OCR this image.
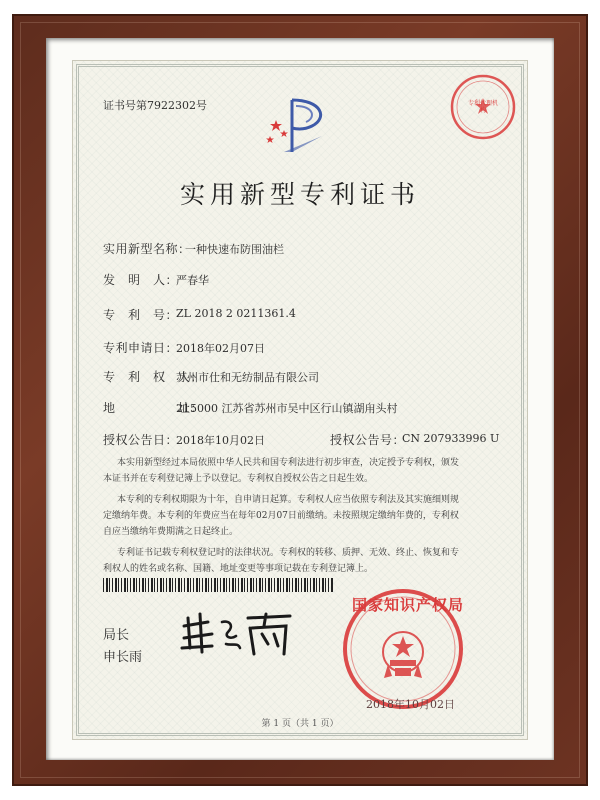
证书号第7922302号	专利代理机构
实用新型专利证书
实用新型名称：
一种快速布防围油栏
发　明　人：
严春华
专　利　号：
ZL 2018 2 0211361.4
专利申请日：
2018年02月07日
专　利　权　人：
苏州市仕和无纺制品有限公司
地　　　　　址：
215000 江苏省苏州市吴中区行山镇湖甪头村
授权公告日：
2018年10月02日	授权公告号：
CN 207933996 U
本实用新型经过本局依照中华人民共和国专利法进行初步审查，决定授予专利权，颁发
本证书并在专利登记簿上予以登记。专利权自授权公告之日起生效。
本专利的专利权期限为十年，自申请日起算。专利权人应当依照专利法及其实施细则规
定缴纳年费。本专利的年费应当在每年02月07日前缴纳。未按照规定缴纳年费的，专利权
自应当缴纳年费期满之日起终止。
专利证书记载专利权登记时的法律状况。专利权的转移、质押、无效、终止、恢复和专
利权人的姓名或名称、国籍、地址变更等事项记载在专利登记簿上。
局长
申长雨
国家知识产权局
2018年10月02日
第 1 页（共 1 页）
